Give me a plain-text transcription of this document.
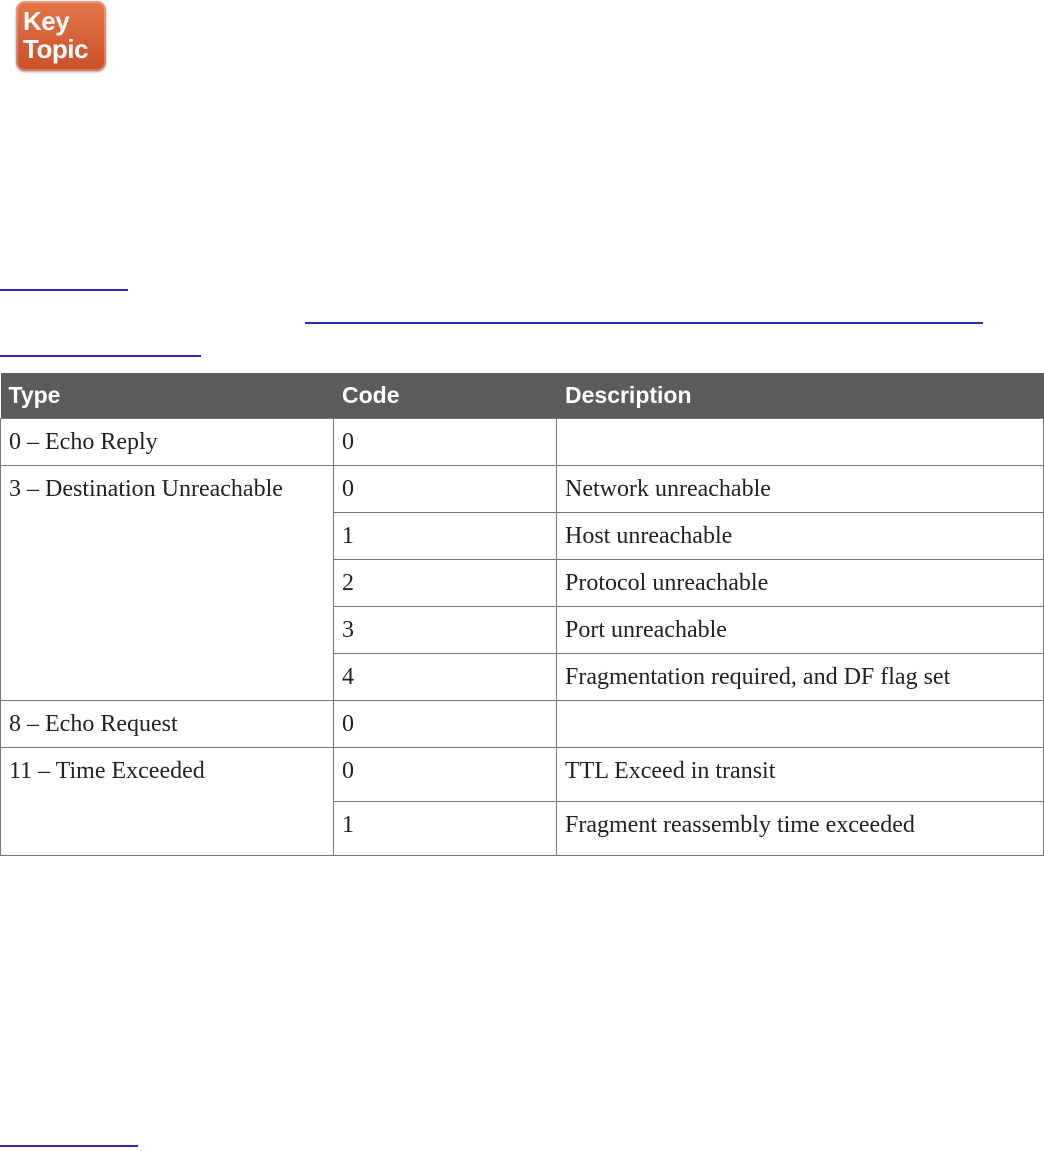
Key
Topic
Type	Code	Description
0 – Echo Reply	0	
3 – Destination Unreachable	0	Network unreachable
	1	Host unreachable
	2	Protocol unreachable
	3	Port unreachable
	4	Fragmentation required, and DF flag set
8 – Echo Request	0	
11 – Time Exceeded	0	TTL Exceed in transit
	1	Fragment reassembly time exceeded
